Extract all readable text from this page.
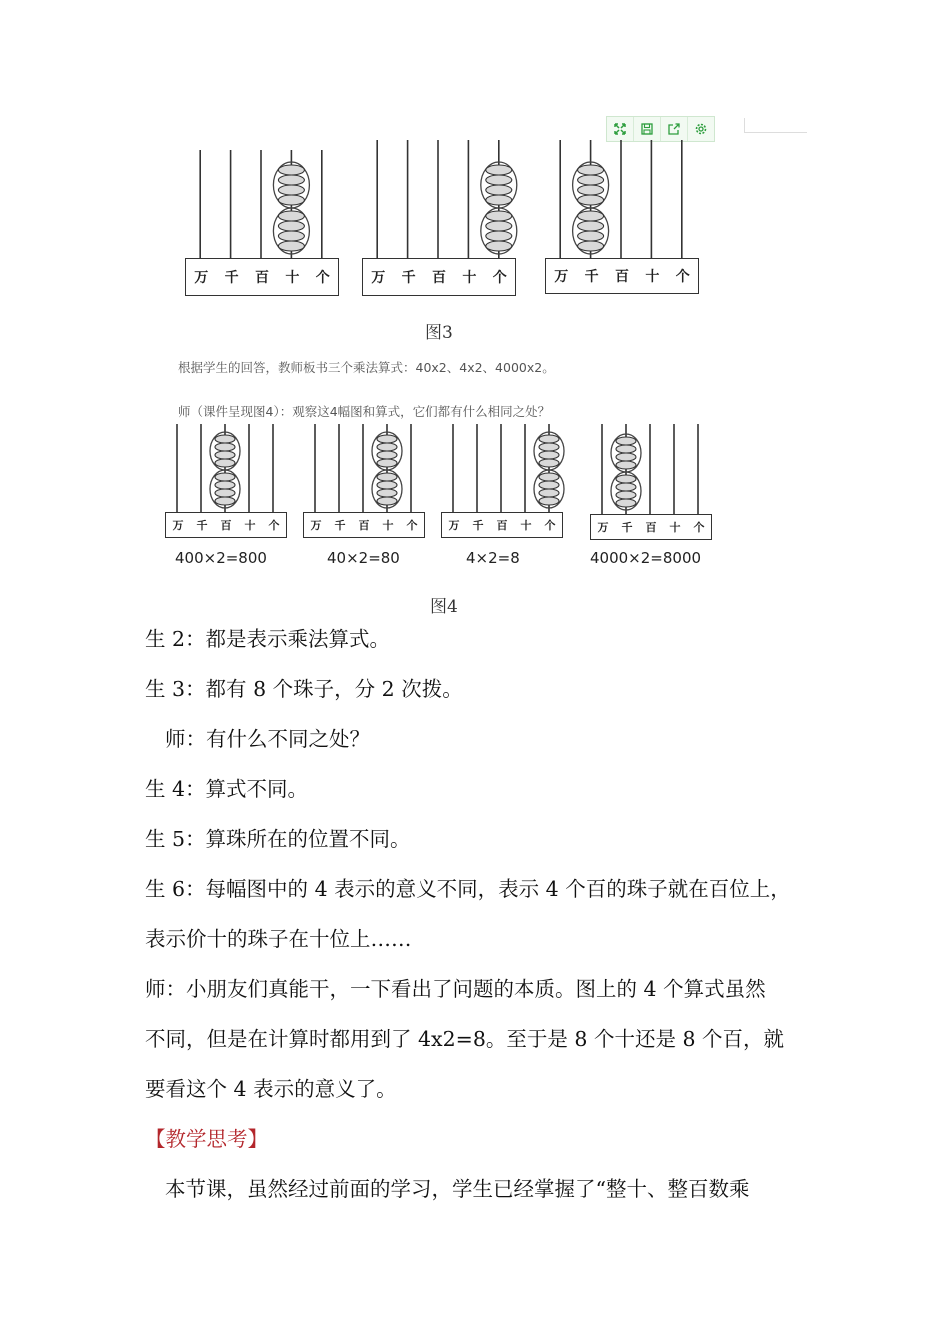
万 千 百 十 个	万 千 百 十 个	万 千 百 十 个
图3
根据学生的回答，教师板书三个乘法算式：40x2、4x2、4000x2。
师（课件呈现图4）：观察这4幅图和算式，它们都有什么相同之处？
万 千 百 十 个
400×2=800
万 千 百 十 个
40×2=80
万 千 百 十 个
4×2=8
万 千 百 十 个
4000×2=8000
图4
生 2：都是表示乘法算式。
生 3：都有 8 个珠子，分 2 次拨。
师：有什么不同之处？
生 4：算式不同。
生 5：算珠所在的位置不同。
生 6：每幅图中的 4 表示的意义不同，表示 4 个百的珠子就在百位上，
表示价十的珠子在十位上……
师：小朋友们真能干，一下看出了问题的本质。图上的 4 个算式虽然
不同，但是在计算时都用到了 4x2=8。至于是 8 个十还是 8 个百，就
要看这个 4 表示的意义了。
【教学思考】
本节课，虽然经过前面的学习，学生已经掌握了“整十、整百数乘
